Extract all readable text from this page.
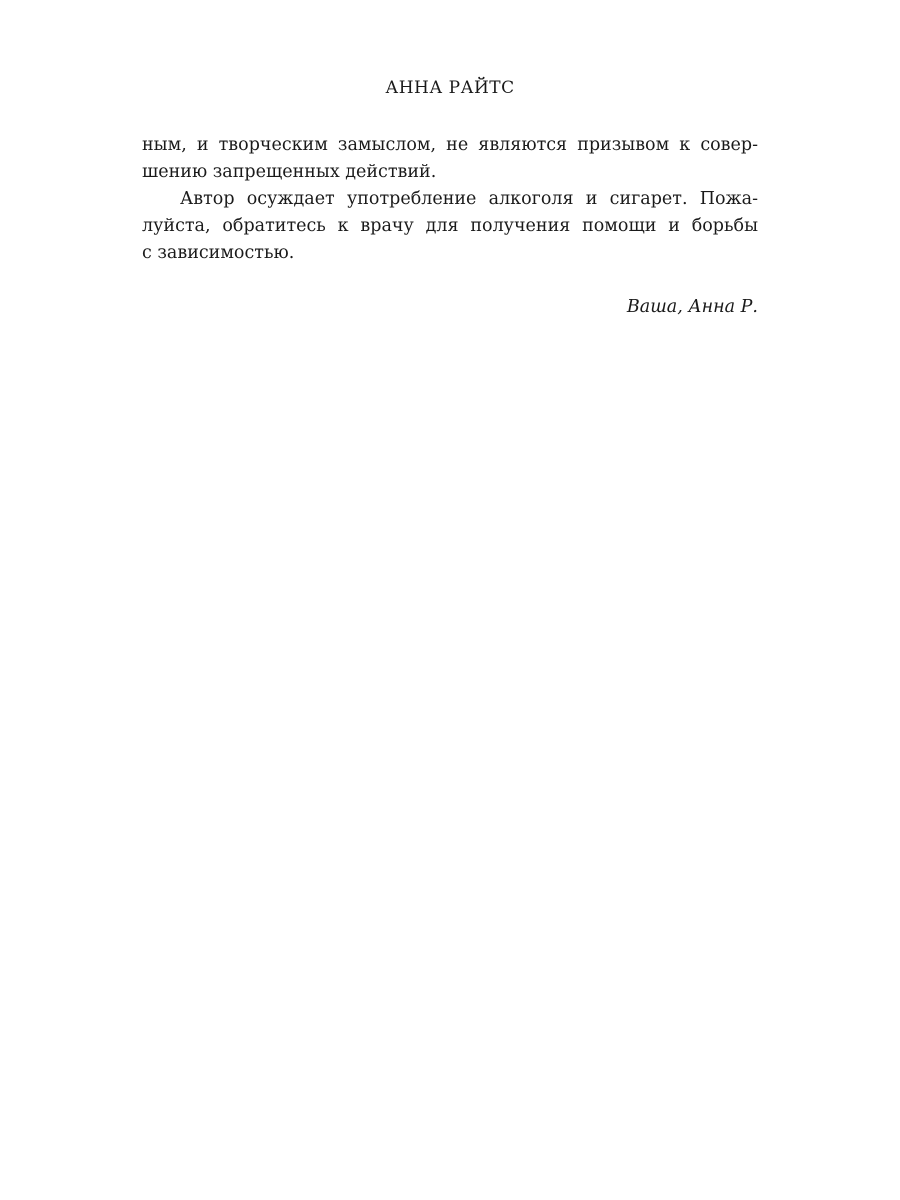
АННА РАЙТС
ным, и творческим замыслом, не являются призывом к совер-
шению запрещенных действий.
Автор осуждает употребление алкоголя и сигарет. Пожа-
луйста, обратитесь к врачу для получения помощи и борьбы
с зависимостью.
Ваша, Анна Р.
